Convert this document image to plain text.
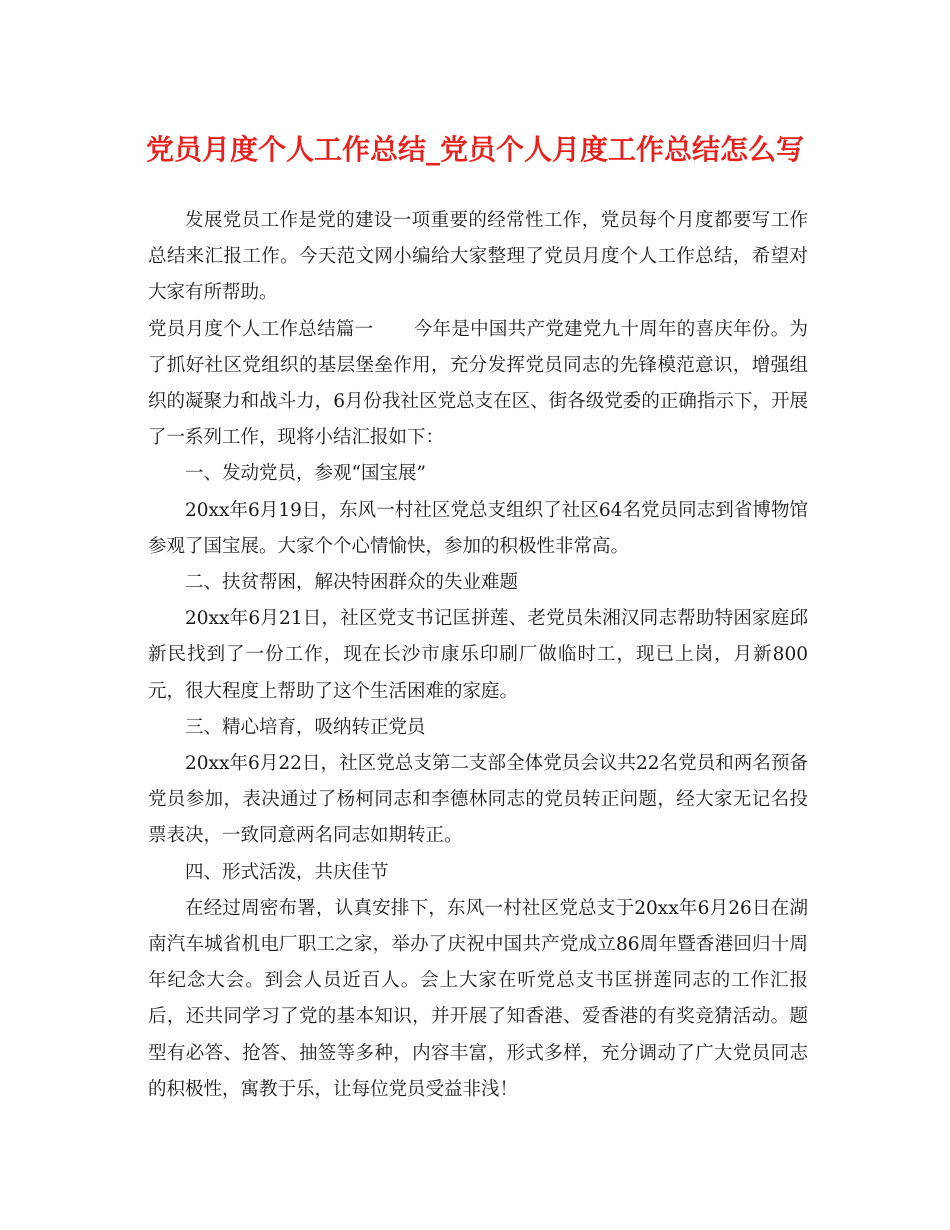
党员月度个人工作总结_党员个人月度工作总结怎么写

发展党员工作是党的建设一项重要的经常性工作，党员每个月度都要写工作总结来汇报工作。今天范文网小编给大家整理了党员月度个人工作总结，希望对大家有所帮助。

党员月度个人工作总结篇一 今年是中国共产党建党九十周年的喜庆年份。为了抓好社区党组织的基层堡垒作用，充分发挥党员同志的先锋模范意识，增强组织的凝聚力和战斗力，6月份我社区党总支在区、街各级党委的正确指示下，开展了一系列工作，现将小结汇报如下：

一、发动党员，参观“国宝展”

20xx年6月19日，东风一村社区党总支组织了社区64名党员同志到省博物馆参观了国宝展。大家个个心情愉快，参加的积极性非常高。

二、扶贫帮困，解决特困群众的失业难题

20xx年6月21日，社区党支书记匡拼莲、老党员朱湘汉同志帮助特困家庭邱新民找到了一份工作，现在长沙市康乐印刷厂做临时工，现已上岗，月新800元，很大程度上帮助了这个生活困难的家庭。

三、精心培育，吸纳转正党员

20xx年6月22日，社区党总支第二支部全体党员会议共22名党员和两名预备党员参加，表决通过了杨柯同志和李德林同志的党员转正问题，经大家无记名投票表决，一致同意两名同志如期转正。

四、形式活泼，共庆佳节

在经过周密布署，认真安排下，东风一村社区党总支于20xx年6月26日在湖南汽车城省机电厂职工之家，举办了庆祝中国共产党成立86周年暨香港回归十周年纪念大会。到会人员近百人。会上大家在听党总支书匡拼莲同志的工作汇报后，还共同学习了党的基本知识，并开展了知香港、爱香港的有奖竞猜活动。题型有必答、抢答、抽签等多种，内容丰富，形式多样，充分调动了广大党员同志的积极性，寓教于乐，让每位党员受益非浅！
